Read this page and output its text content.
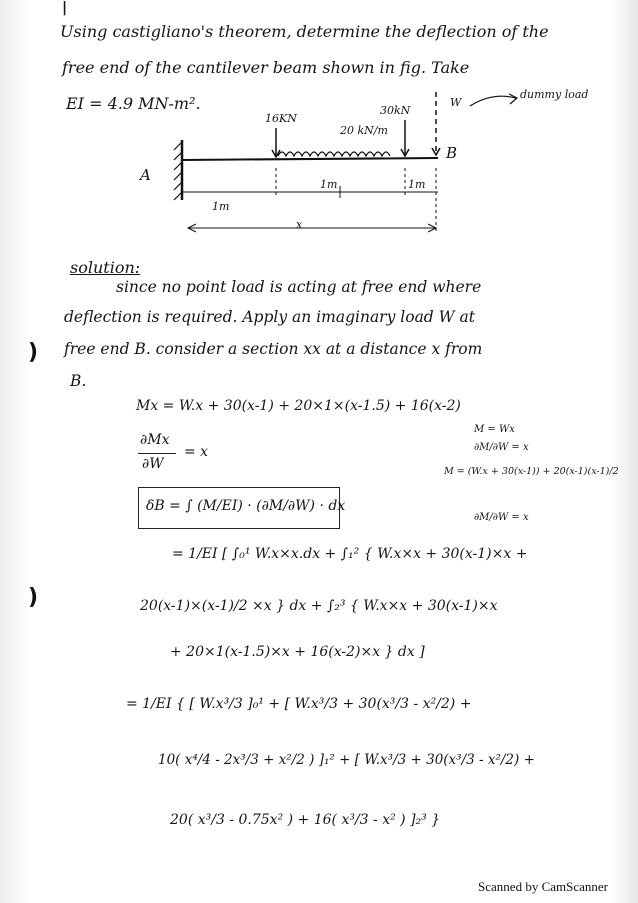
|
)
)
Using castigliano's theorem, determine the deflection of the
free end of the cantilever beam shown in fig. Take
EI = 4.9 MN-m².
16KN
30kN
W
dummy load
20 kN/m
A
B
1m
1m	1m
x
solution:
since no point load is acting at free end where
deflection is required. Apply an imaginary load W at
free end B. consider a section xx at a distance x from
B.
Mx = W.x + 30(x-1) + 20×1×(x-1.5) + 16(x-2)
∂Mx
∂W
= x
M = Wx
∂M/∂W = x
M = (W.x + 30(x-1)) + 20(x-1)(x-1)/2
∂M/∂W = x
δB = ∫ (M/EI) · (∂M/∂W) · dx
= 1/EI [ ∫₀¹ W.x×x.dx + ∫₁² { W.x×x + 30(x-1)×x +
20(x-1)×(x-1)/2 ×x } dx + ∫₂³ { W.x×x + 30(x-1)×x
+ 20×1(x-1.5)×x + 16(x-2)×x } dx ]
= 1/EI { [ W.x³/3 ]₀¹ + [ W.x³/3 + 30(x³/3 - x²/2) +
10( x⁴/4 - 2x³/3 + x²/2 ) ]₁² + [ W.x³/3 + 30(x³/3 - x²/2) +
20( x³/3 - 0.75x² ) + 16( x³/3 - x² ) ]₂³ }
Scanned by CamScanner
